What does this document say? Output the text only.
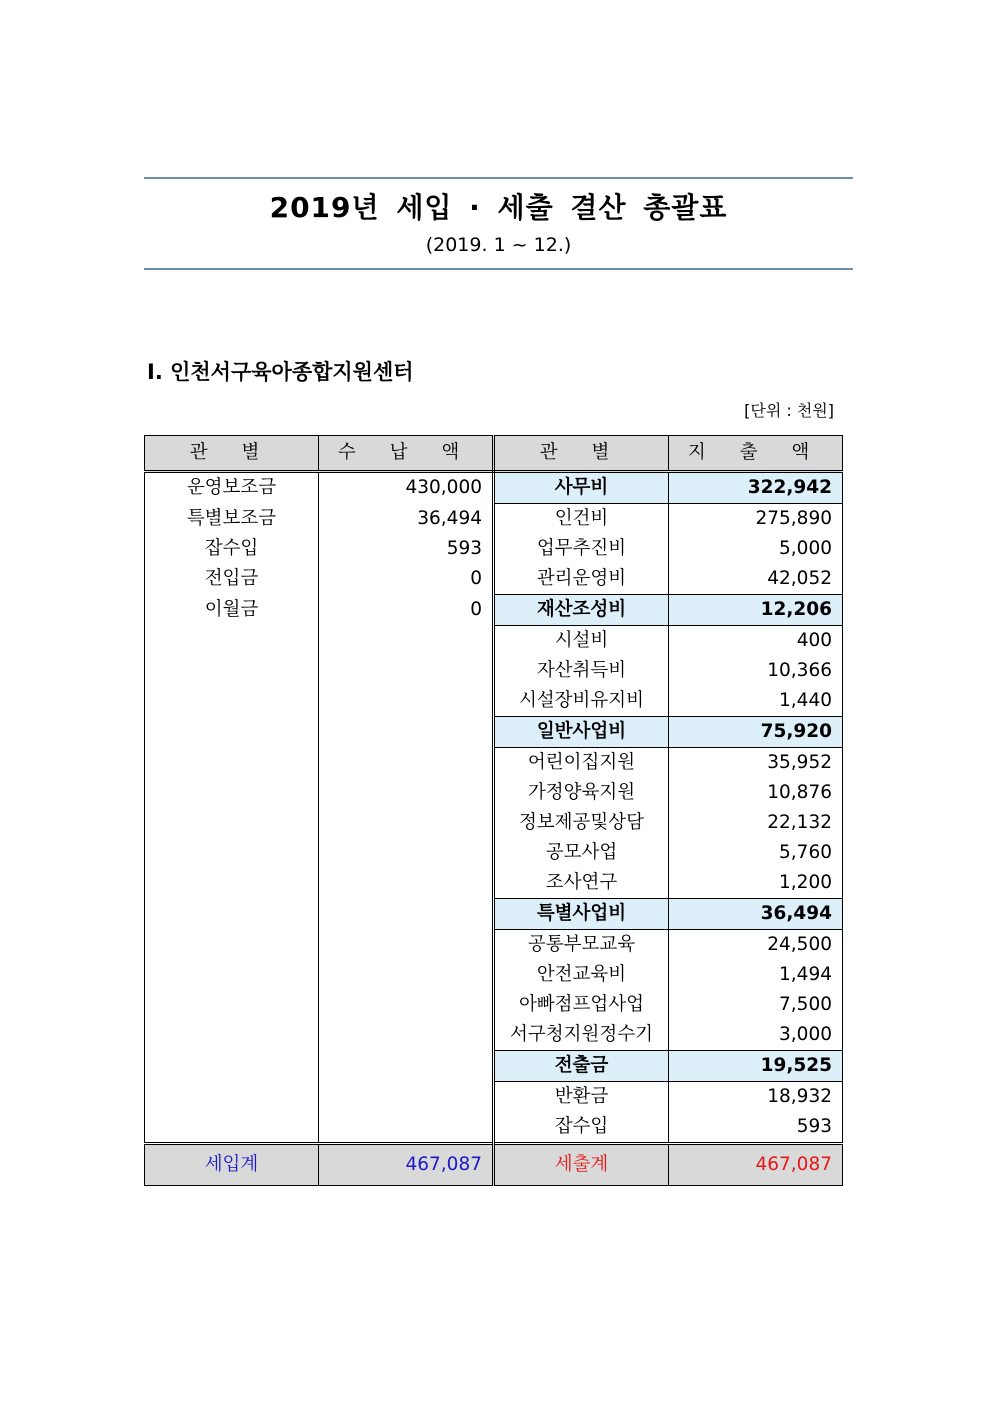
2019년 세입 · 세출 결산 총괄표
(2019. 1 ~ 12.)
Ⅰ. 인천서구육아종합지원센터
[단위 : 천원]
관 별	수 납 액	관 별	지 출 액
운영보조금	430,000	사무비	322,942
특별보조금	36,494	인건비	275,890
잡수입	593	업무추진비	5,000
전입금	0	관리운영비	42,052
이월금	0	재산조성비	12,206
		시설비	400
		자산취득비	10,366
		시설장비유지비	1,440
		일반사업비	75,920
		어린이집지원	35,952
		가정양육지원	10,876
		정보제공및상담	22,132
		공모사업	5,760
		조사연구	1,200
		특별사업비	36,494
		공통부모교육	24,500
		안전교육비	1,494
		아빠점프업사업	7,500
		서구청지원정수기	3,000
		전출금	19,525
		반환금	18,932
		잡수입	593
세입계	467,087	세출계	467,087
